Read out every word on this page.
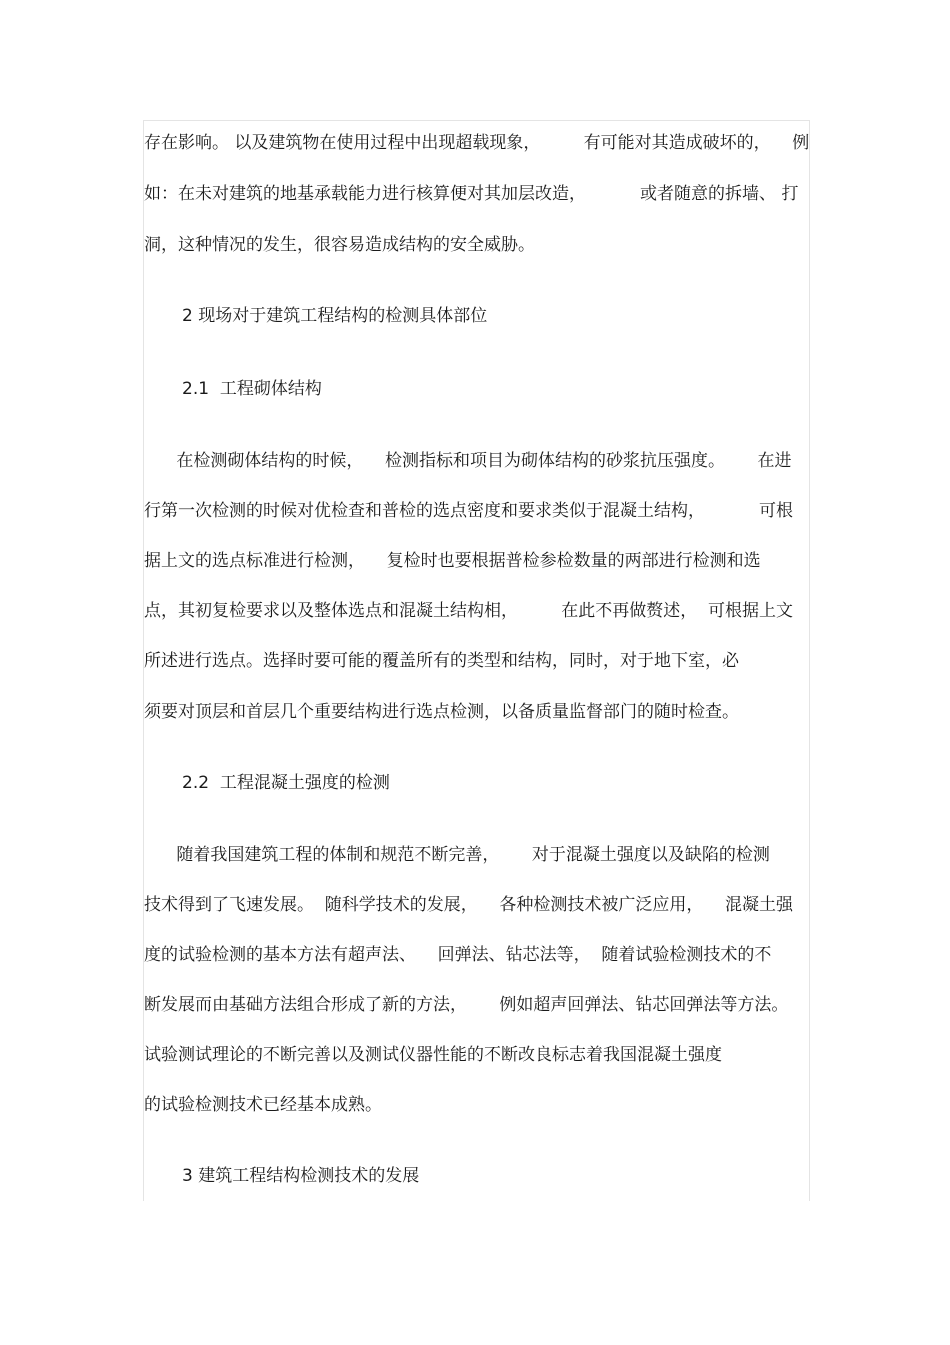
存在影响。 以及建筑物在使用过程中出现超载现象，        有可能对其造成破坏的，    例
如：在未对建筑的地基承载能力进行核算便对其加层改造，          或者随意的拆墙、 打
洞，这种情况的发生，很容易造成结构的安全威胁。
2 现场对于建筑工程结构的检测具体部位
2.1  工程砌体结构
在检测砌体结构的时候，    检测指标和项目为砌体结构的砂浆抗压强度。      在进
行第一次检测的时候对优检查和普检的选点密度和要求类似于混凝土结构，          可根
据上文的选点标准进行检测，    复检时也要根据普检参检数量的两部进行检测和选
点，其初复检要求以及整体选点和混凝土结构相，        在此不再做赘述，  可根据上文
所述进行选点。选择时要可能的覆盖所有的类型和结构，同时，对于地下室，必
须要对顶层和首层几个重要结构进行选点检测，以备质量监督部门的随时检查。
2.2  工程混凝土强度的检测
随着我国建筑工程的体制和规范不断完善，      对于混凝土强度以及缺陷的检测
技术得到了飞速发展。  随科学技术的发展，    各种检测技术被广泛应用，    混凝土强
度的试验检测的基本方法有超声法、    回弹法、钻芯法等，  随着试验检测技术的不
断发展而由基础方法组合形成了新的方法，      例如超声回弹法、钻芯回弹法等方法。
试验测试理论的不断完善以及测试仪器性能的不断改良标志着我国混凝土强度
的试验检测技术已经基本成熟。
3 建筑工程结构检测技术的发展
